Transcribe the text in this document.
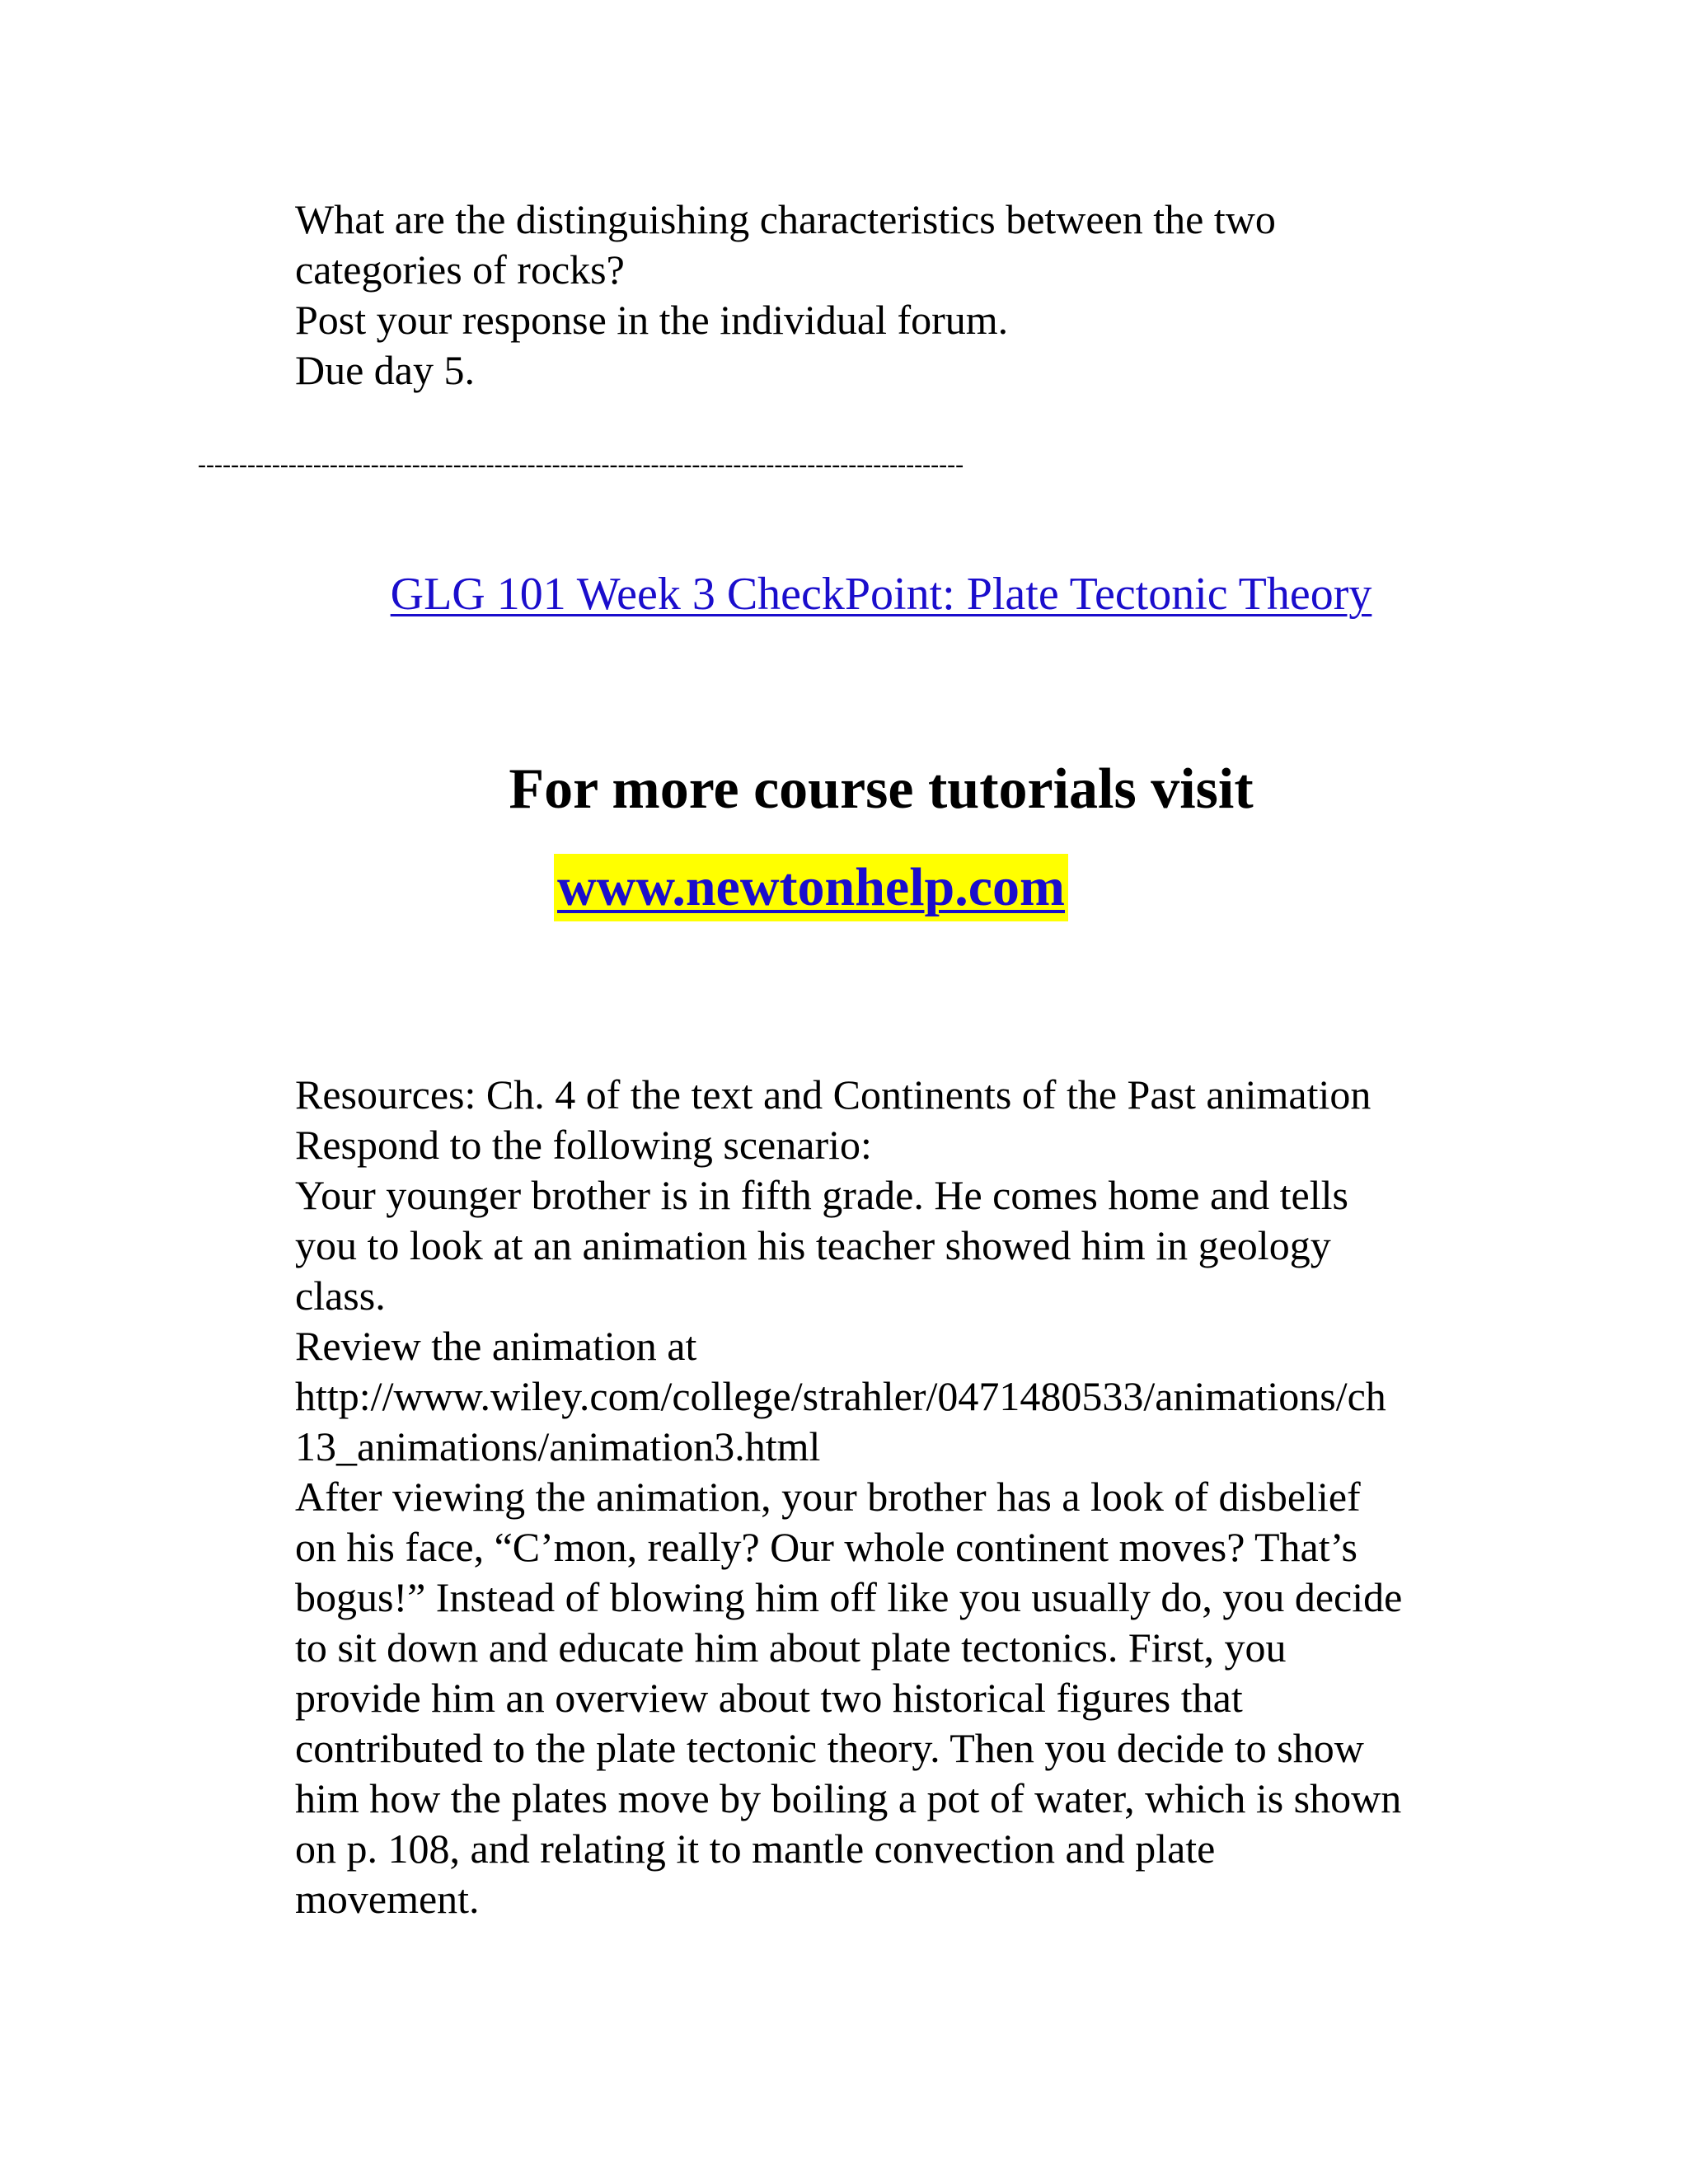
What are the distinguishing characteristics between the two
categories of rocks?
Post your response in the individual forum.
Due day 5.
---------------------------------------------------------------------------------------------
GLG 101 Week 3 CheckPoint: Plate Tectonic Theory
For more course tutorials visit
www.newtonhelp.com
Resources: Ch. 4 of the text and Continents of the Past animation
Respond to the following scenario:
Your younger brother is in fifth grade. He comes home and tells
you to look at an animation his teacher showed him in geology
class.
Review the animation at
http://www.wiley.com/college/strahler/0471480533/animations/ch
13_animations/animation3.html
After viewing the animation, your brother has a look of disbelief
on his face, “C’mon, really? Our whole continent moves? That’s
bogus!” Instead of blowing him off like you usually do, you decide
to sit down and educate him about plate tectonics. First, you
provide him an overview about two historical figures that
contributed to the plate tectonic theory. Then you decide to show
him how the plates move by boiling a pot of water, which is shown
on p. 108, and relating it to mantle convection and plate
movement.
